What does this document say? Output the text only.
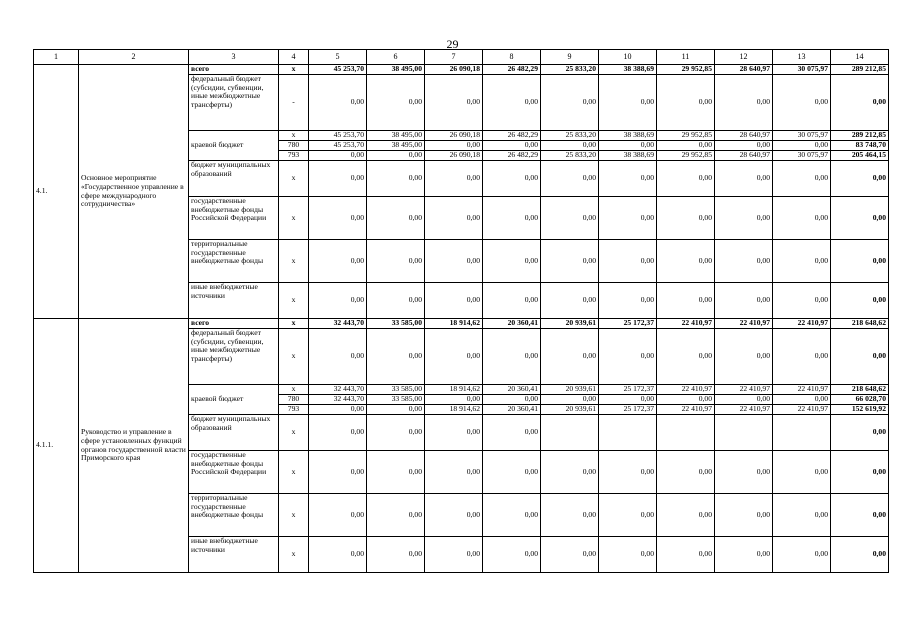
29
1	2	3	4	5	6	7	8	9	10	11	12	13	14
4.1.	Основное мероприятие «Государственное управление в сфере международного сотрудничества»	всего	x	45 253,70	38 495,00	26 090,18	26 482,29	25 833,20	38 388,69	29 952,85	28 640,97	30 075,97	289 212,85
		федеральный бюджет (субсидии, субвенции, иные межбюджетные трансферты)	-	0,00	0,00	0,00	0,00	0,00	0,00	0,00	0,00	0,00	0,00
		краевой бюджет	x	45 253,70	38 495,00	26 090,18	26 482,29	25 833,20	38 388,69	29 952,85	28 640,97	30 075,97	289 212,85
			780	45 253,70	38 495,00	0,00	0,00	0,00	0,00	0,00	0,00	0,00	83 748,70
			793	0,00	0,00	26 090,18	26 482,29	25 833,20	38 388,69	29 952,85	28 640,97	30 075,97	205 464,15
		бюджет муниципальных образований	x	0,00	0,00	0,00	0,00	0,00	0,00	0,00	0,00	0,00	0,00
		государственные внебюджетные фонды Российской Федерации	x	0,00	0,00	0,00	0,00	0,00	0,00	0,00	0,00	0,00	0,00
		территориальные государственные внебюджетные фонды	x	0,00	0,00	0,00	0,00	0,00	0,00	0,00	0,00	0,00	0,00
		иные внебюджетные источники	x	0,00	0,00	0,00	0,00	0,00	0,00	0,00	0,00	0,00	0,00
4.1.1.	Руководство и управление в сфере установленных функций органов государственной власти Приморского края	всего	x	32 443,70	33 585,00	18 914,62	20 360,41	20 939,61	25 172,37	22 410,97	22 410,97	22 410,97	218 648,62
		федеральный бюджет (субсидии, субвенции, иные межбюджетные трансферты)	x	0,00	0,00	0,00	0,00	0,00	0,00	0,00	0,00	0,00	0,00
		краевой бюджет	x	32 443,70	33 585,00	18 914,62	20 360,41	20 939,61	25 172,37	22 410,97	22 410,97	22 410,97	218 648,62
			780	32 443,70	33 585,00	0,00	0,00	0,00	0,00	0,00	0,00	0,00	66 028,70
			793	0,00	0,00	18 914,62	20 360,41	20 939,61	25 172,37	22 410,97	22 410,97	22 410,97	152 619,92
		бюджет муниципальных образований	x	0,00	0,00	0,00	0,00						0,00
		государственные внебюджетные фонды Российской Федерации	x	0,00	0,00	0,00	0,00	0,00	0,00	0,00	0,00	0,00	0,00
		территориальные государственные внебюджетные фонды	x	0,00	0,00	0,00	0,00	0,00	0,00	0,00	0,00	0,00	0,00
		иные внебюджетные источники	x	0,00	0,00	0,00	0,00	0,00	0,00	0,00	0,00	0,00	0,00
